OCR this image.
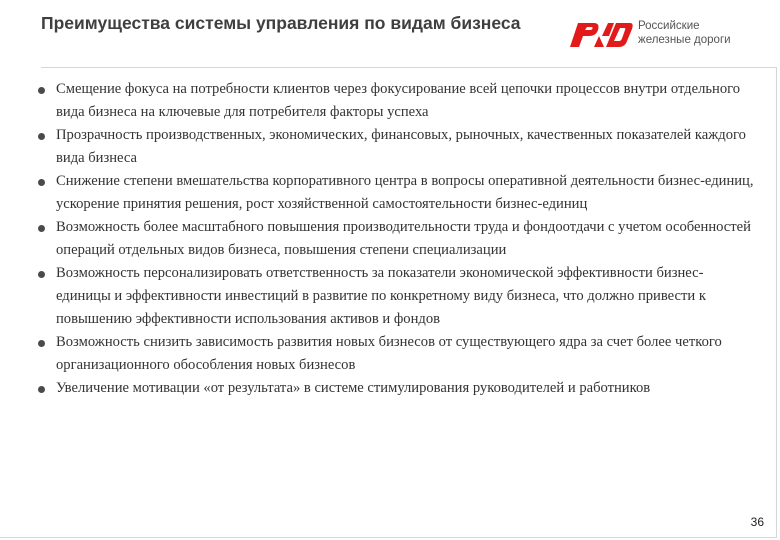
Преимущества системы управления по видам бизнеса	Российские
железные дороги
Смещение фокуса на потребности клиентов через фокусирование всей цепочки процессов внутри отдельного вида бизнеса на ключевые для потребителя факторы успеха
Прозрачность производственных, экономических, финансовых, рыночных, качественных показателей каждого вида бизнеса
Снижение степени вмешательства корпоративного центра в вопросы оперативной деятельности бизнес-единиц, ускорение принятия решения, рост хозяйственной самостоятельности бизнес-единиц
Возможность более масштабного повышения производительности труда и фондоотдачи с учетом особенностей операций отдельных видов бизнеса, повышения степени специализации
Возможность персонализировать ответственность за показатели экономической эффективности бизнес-единицы и эффективности инвестиций в развитие по конкретному виду бизнеса, что должно привести к повышению эффективности использования активов и фондов
Возможность снизить зависимость развития новых бизнесов от существующего ядра за счет более четкого организационного обособления новых бизнесов
Увеличение мотивации «от результата» в системе стимулирования руководителей и работников
36
